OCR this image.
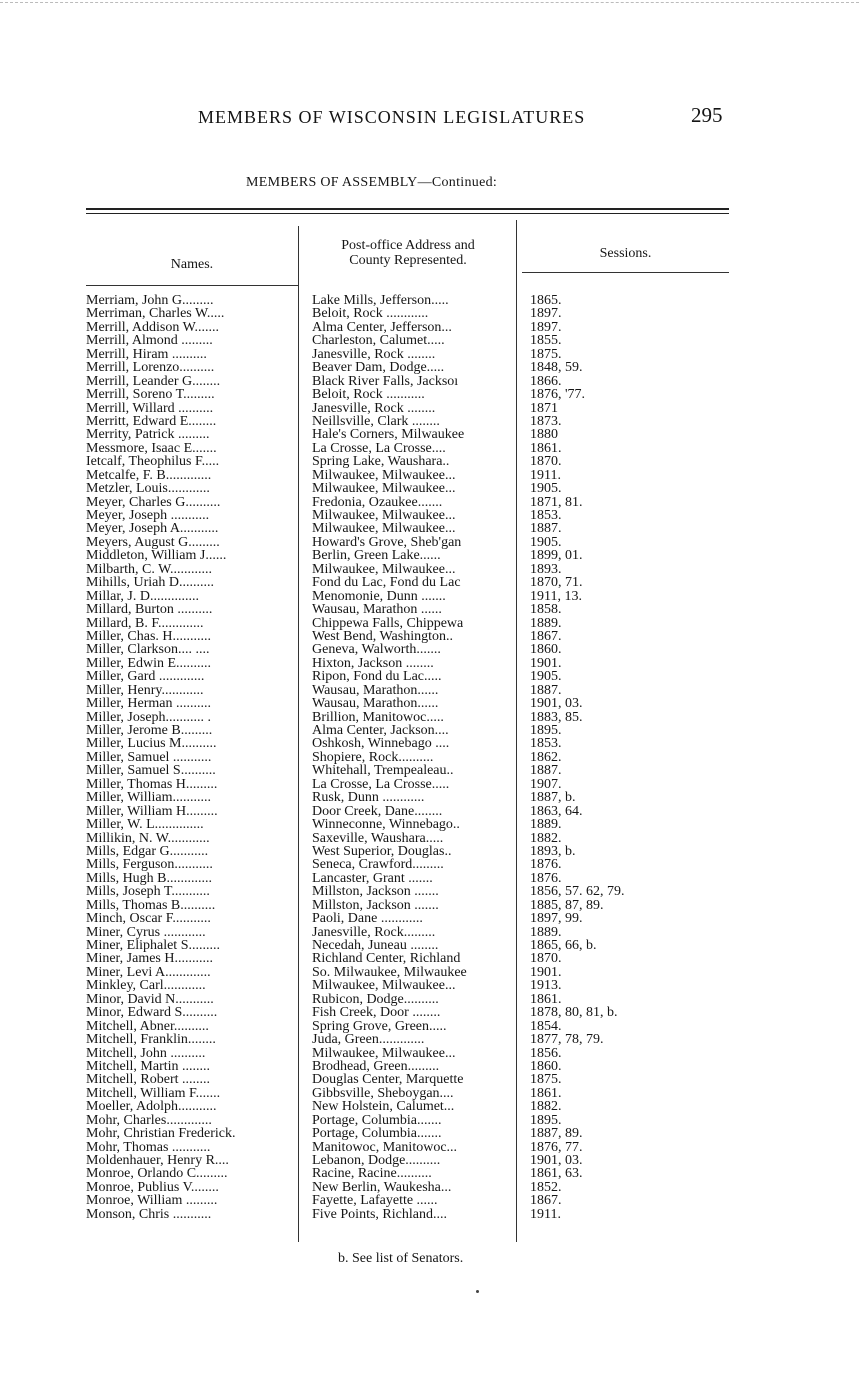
MEMBERS OF WISCONSIN LEGISLATURES	295
MEMBERS OF ASSEMBLY—Continued:
Names.
Post-office Address and
County Represented.	Sessions.
Merriam, John G.........	Lake Mills, Jefferson.....	1865.
Merriman, Charles W.....	Beloit, Rock ............	1897.
Merrill, Addison W.......	Alma Center, Jefferson...	1897.
Merrill, Almond .........	Charleston, Calumet.....	1855.
Merrill, Hiram ..........	Janesville, Rock ........	1875.
Merrill, Lorenzo..........	Beaver Dam, Dodge.....	1848, 59.
Merrill, Leander G........	Black River Falls, Jacksoı	1866.
Merrill, Soreno T.........	Beloit, Rock ...........	1876, '77.
Merrill, Willard ..........	Janesville, Rock ........	1871
Merritt, Edward E........	Neillsville, Clark ........	1873.
Merrity, Patrick .........	Hale's Corners, Milwaukee	1880
Messmore, Isaac E.......	La Crosse, La Crosse....	1861.
Ietcalf, Theophilus F.....	Spring Lake, Waushara..	1870.
Metcalfe, F. B.............	Milwaukee, Milwaukee...	1911.
Metzler, Louis............	Milwaukee, Milwaukee...	1905.
Meyer, Charles G..........	Fredonia, Ozaukee.......	1871, 81.
Meyer, Joseph ...........	Milwaukee, Milwaukee...	1853.
Meyer, Joseph A...........	Milwaukee, Milwaukee...	1887.
Meyers, August G.........	Howard's Grove, Sheb'gan	1905.
Middleton, William J......	Berlin, Green Lake......	1899, 01.
Milbarth, C. W............	Milwaukee, Milwaukee...	1893.
Mihills, Uriah D..........	Fond du Lac, Fond du Lac	1870, 71.
Millar, J. D..............	Menomonie, Dunn .......	1911, 13.
Millard, Burton ..........	Wausau, Marathon ......	1858.
Millard, B. F.............	Chippewa Falls, Chippewa	1889.
Miller, Chas. H...........	West Bend, Washington..	1867.
Miller, Clarkson.... ....	Geneva, Walworth.......	1860.
Miller, Edwin E..........	Hixton, Jackson ........	1901.
Miller, Gard .............	Ripon, Fond du Lac.....	1905.
Miller, Henry............	Wausau, Marathon......	1887.
Miller, Herman ..........	Wausau, Marathon......	1901, 03.
Miller, Joseph........... .	Brillion, Manitowoc.....	1883, 85.
Miller, Jerome B.........	Alma Center, Jackson....	1895.
Miller, Lucius M..........	Oshkosh, Winnebago ....	1853.
Miller, Samuel ...........	Shopiere, Rock..........	1862.
Miller, Samuel S..........	Whitehall, Trempealeau..	1887.
Miller, Thomas H.........	La Crosse, La Crosse.....	1907.
Miller, William...........	Rusk, Dunn ............	1887, b.
Miller, William H.........	Door Creek, Dane........	1863, 64.
Miller, W. L..............	Winneconne, Winnebago..	1889.
Millikin, N. W............	Saxeville, Waushara.....	1882.
Mills, Edgar G...........	West Superior, Douglas..	1893, b.
Mills, Ferguson...........	Seneca, Crawford.........	1876.
Mills, Hugh B.............	Lancaster, Grant .......	1876.
Mills, Joseph T...........	Millston, Jackson .......	1856, 57. 62, 79.
Mills, Thomas B..........	Millston, Jackson .......	1885, 87, 89.
Minch, Oscar F...........	Paoli, Dane ............	1897, 99.
Miner, Cyrus ............	Janesville, Rock.........	1889.
Miner, Eliphalet S.........	Necedah, Juneau ........	1865, 66, b.
Miner, James H...........	Richland Center, Richland	1870.
Miner, Levi A.............	So. Milwaukee, Milwaukee	1901.
Minkley, Carl............	Milwaukee, Milwaukee...	1913.
Minor, David N...........	Rubicon, Dodge..........	1861.
Minor, Edward S..........	Fish Creek, Door ........	1878, 80, 81, b.
Mitchell, Abner..........	Spring Grove, Green.....	1854.
Mitchell, Franklin........	Juda, Green.............	1877, 78, 79.
Mitchell, John ..........	Milwaukee, Milwaukee...	1856.
Mitchell, Martin ........	Brodhead, Green.........	1860.
Mitchell, Robert ........	Douglas Center, Marquette	1875.
Mitchell, William F.......	Gibbsville, Sheboygan....	1861.
Moeller, Adolph...........	New Holstein, Calumet...	1882.
Mohr, Charles.............	Portage, Columbia.......	1895.
Mohr, Christian Frederick.	Portage, Columbia.......	1887, 89.
Mohr, Thomas ...........	Manitowoc, Manitowoc...	1876, 77.
Moldenhauer, Henry R....	Lebanon, Dodge..........	1901, 03.
Monroe, Orlando C.........	Racine, Racine..........	1861, 63.
Monroe, Publius V........	New Berlin, Waukesha...	1852.
Monroe, William .........	Fayette, Lafayette ......	1867.
Monson, Chris ...........	Five Points, Richland....	1911.
b. See list of Senators.
